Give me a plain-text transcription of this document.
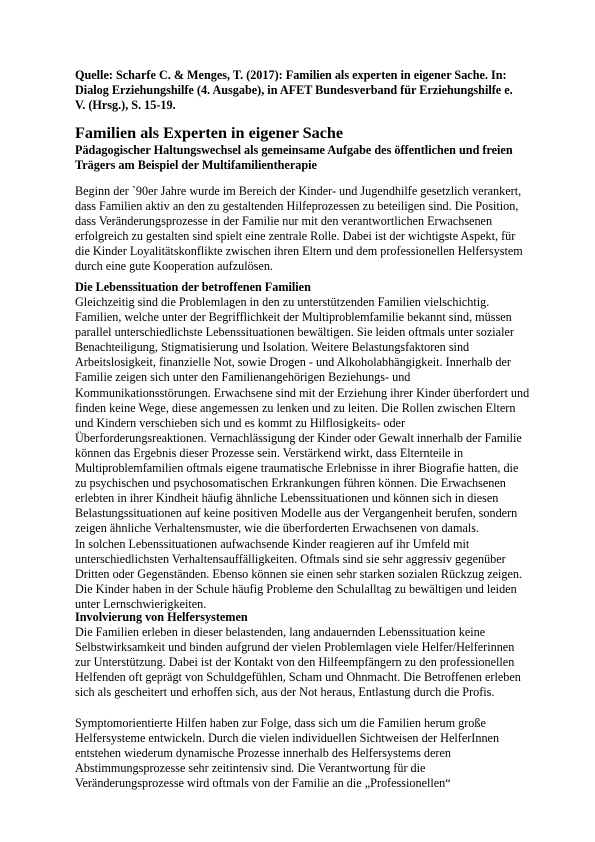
Quelle: Scharfe C. & Menges, T. (2017): Familien als experten in eigener Sache. In: Dialog Erziehungshilfe (4. Ausgabe), in AFET Bundesverband für Erziehungshilfe e. V. (Hrsg.), S. 15-19.
Familien als Experten in eigener Sache
Pädagogischer Haltungswechsel als gemeinsame Aufgabe des öffentlichen und freien Trägers am Beispiel der Multifamilientherapie
Beginn der `90er Jahre wurde im Bereich der Kinder- und Jugendhilfe gesetzlich verankert, dass Familien aktiv an den zu gestaltenden Hilfeprozessen zu beteiligen sind. Die Position, dass Veränderungsprozesse in der Familie nur mit den verantwortlichen Erwachsenen erfolgreich zu gestalten sind spielt eine zentrale Rolle. Dabei ist der wichtigste Aspekt, für die Kinder Loyalitätskonflikte zwischen ihren Eltern und dem professionellen Helfersystem durch eine gute Kooperation aufzulösen.
Die Lebenssituation der betroffenen Familien
Gleichzeitig sind die Problemlagen in den zu unterstützenden Familien vielschichtig. Familien, welche unter der Begrifflichkeit der Multiproblemfamilie bekannt sind, müssen parallel unterschiedlichste Lebenssituationen bewältigen. Sie leiden oftmals unter sozialer Benachteiligung, Stigmatisierung und Isolation. Weitere Belastungsfaktoren sind Arbeitslosigkeit, finanzielle Not, sowie Drogen - und Alkoholabhängigkeit. Innerhalb der Familie zeigen sich unter den Familienangehörigen Beziehungs- und Kommunikationsstörungen. Erwachsene sind mit der Erziehung ihrer Kinder überfordert und finden keine Wege, diese angemessen zu lenken und zu leiten. Die Rollen zwischen Eltern und Kindern verschieben sich und es kommt zu Hilflosigkeits- oder Überforderungsreaktionen. Vernachlässigung der Kinder oder Gewalt innerhalb der Familie können das Ergebnis dieser Prozesse sein. Verstärkend wirkt, dass Elternteile in Multiproblemfamilien oftmals eigene traumatische Erlebnisse in ihrer Biografie hatten, die zu psychischen und psychosomatischen Erkrankungen führen können. Die Erwachsenen erlebten in ihrer Kindheit häufig ähnliche Lebenssituationen und können sich in diesen Belastungssituationen auf keine positiven Modelle aus der Vergangenheit berufen, sondern zeigen ähnliche Verhaltensmuster, wie die überforderten Erwachsenen von damals.
In solchen Lebenssituationen aufwachsende Kinder reagieren auf ihr Umfeld mit unterschiedlichsten Verhaltensauffälligkeiten. Oftmals sind sie sehr aggressiv gegenüber Dritten oder Gegenständen. Ebenso können sie einen sehr starken sozialen Rückzug zeigen. Die Kinder haben in der Schule häufig Probleme den Schulalltag zu bewältigen und leiden unter Lernschwierigkeiten.
Involvierung von Helfersystemen
Die Familien erleben in dieser belastenden, lang andauernden Lebenssituation keine Selbstwirksamkeit und binden aufgrund der vielen Problemlagen viele Helfer/Helferinnen zur Unterstützung. Dabei ist der Kontakt von den Hilfeempfängern zu den professionellen Helfenden oft geprägt von Schuldgefühlen, Scham und Ohnmacht. Die Betroffenen erleben sich als gescheitert und erhoffen sich, aus der Not heraus, Entlastung durch die Profis.
Symptomorientierte Hilfen haben zur Folge, dass sich um die Familien herum große Helfersysteme entwickeln. Durch die vielen individuellen Sichtweisen der HelferInnen entstehen wiederum dynamische Prozesse innerhalb des Helfersystems deren Abstimmungsprozesse sehr zeitintensiv sind. Die Verantwortung für die Veränderungsprozesse wird oftmals von der Familie an die „Professionellen“
